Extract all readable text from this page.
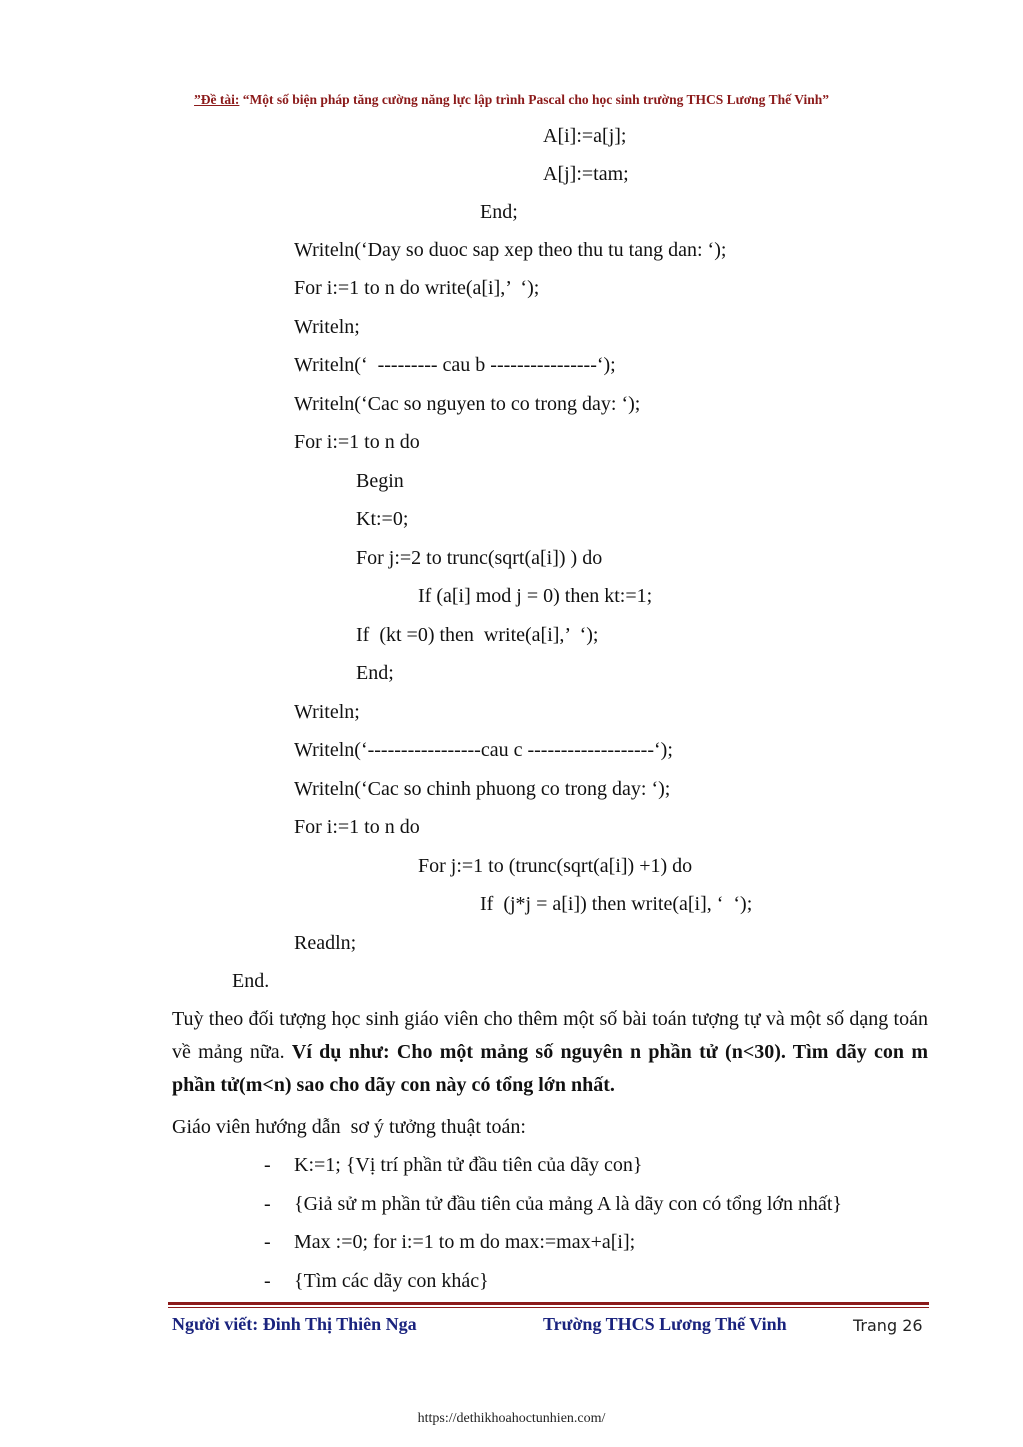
”Đề tài: “Một số biện pháp tăng cường năng lực lập trình Pascal cho học sinh trường THCS Lương Thế Vinh”
A[i]:=a[j];
A[j]:=tam;
End;
Writeln(‘Day so duoc sap xep theo thu tu tang dan: ‘);
For i:=1 to n do write(a[i],’  ‘);
Writeln;
Writeln(‘  --------- cau b ----------------‘);
Writeln(‘Cac so nguyen to co trong day: ‘);
For i:=1 to n do
Begin
Kt:=0;
For j:=2 to trunc(sqrt(a[i]) ) do
If (a[i] mod j = 0) then kt:=1;
If  (kt =0) then  write(a[i],’  ‘);
End;
Writeln;
Writeln(‘-----------------cau c -------------------‘);
Writeln(‘Cac so chinh phuong co trong day: ‘);
For i:=1 to n do
For j:=1 to (trunc(sqrt(a[i]) +1) do
If  (j*j = a[i]) then write(a[i], ‘  ‘);
Readln;
End.
Tuỳ theo đối tượng học sinh giáo viên cho thêm một số bài toán tượng tự và một số dạng toán về mảng nữa. Ví dụ như: Cho một mảng số nguyên n phần tử (n<30). Tìm dãy con m phần tử(m<n) sao cho dãy con này có tổng lớn nhất.
Giáo viên hướng dẫn  sơ ý tưởng thuật toán:
- K:=1; {Vị trí phần tử đầu tiên của dãy con}
- {Giả sử m phần tử đầu tiên của mảng A là dãy con có tổng lớn nhất}
- Max :=0; for i:=1 to m do max:=max+a[i];
- {Tìm các dãy con khác}
Người viết: Đinh Thị Thiên Nga	Trường THCS Lương Thế Vinh	Trang 26
https://dethikhoahoctunhien.com/
